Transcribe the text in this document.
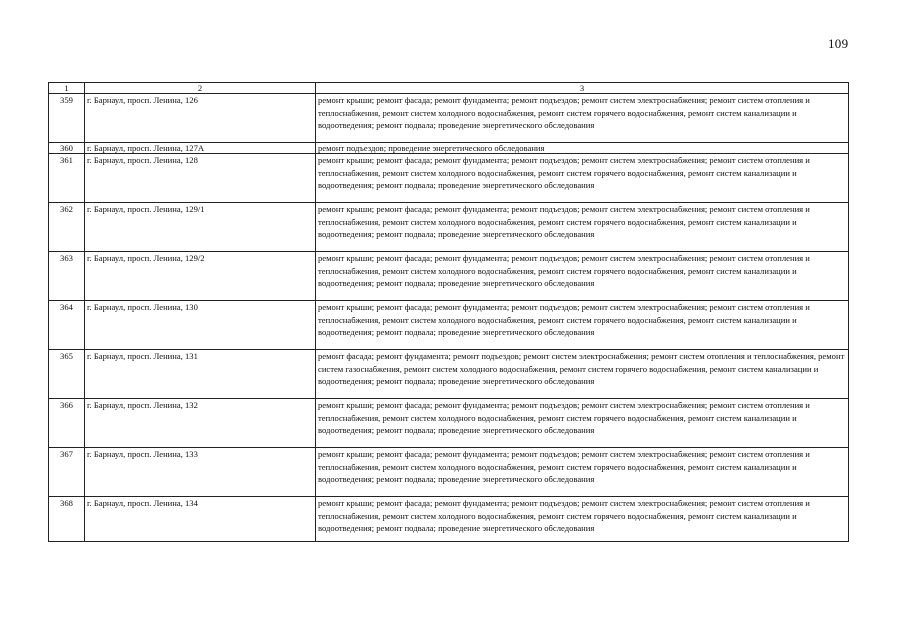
109
1	2	3
359	г. Барнаул, просп. Ленина, 126	ремонт крыши; ремонт фасада; ремонт фундамента; ремонт подъездов; ремонт систем электроснабжения; ремонт систем отопления и теплоснабжения, ремонт систем холодного водоснабжения, ремонт систем горячего водоснабжения, ремонт систем канализации и водоотведения; ремонт подвала; проведение энергетического обследования
360	г. Барнаул, просп. Ленина, 127А	ремонт подъездов; проведение энергетического обследования
361	г. Барнаул, просп. Ленина, 128	ремонт крыши; ремонт фасада; ремонт фундамента; ремонт подъездов; ремонт систем электроснабжения; ремонт систем отопления и теплоснабжения, ремонт систем холодного водоснабжения, ремонт систем горячего водоснабжения, ремонт систем канализации и водоотведения; ремонт подвала; проведение энергетического обследования
362	г. Барнаул, просп. Ленина, 129/1	ремонт крыши; ремонт фасада; ремонт фундамента; ремонт подъездов; ремонт систем электроснабжения; ремонт систем отопления и теплоснабжения, ремонт систем холодного водоснабжения, ремонт систем горячего водоснабжения, ремонт систем канализации и водоотведения; ремонт подвала; проведение энергетического обследования
363	г. Барнаул, просп. Ленина, 129/2	ремонт крыши; ремонт фасада; ремонт фундамента; ремонт подъездов; ремонт систем электроснабжения; ремонт систем отопления и теплоснабжения, ремонт систем холодного водоснабжения, ремонт систем горячего водоснабжения, ремонт систем канализации и водоотведения; ремонт подвала; проведение энергетического обследования
364	г. Барнаул, просп. Ленина, 130	ремонт крыши; ремонт фасада; ремонт фундамента; ремонт подъездов; ремонт систем электроснабжения; ремонт систем отопления и теплоснабжения, ремонт систем холодного водоснабжения, ремонт систем горячего водоснабжения, ремонт систем канализации и водоотведения; ремонт подвала; проведение энергетического обследования
365	г. Барнаул, просп. Ленина, 131	ремонт фасада; ремонт фундамента; ремонт подъездов; ремонт систем электроснабжения; ремонт систем отопления и теплоснабжения, ремонт систем газоснабжения, ремонт систем холодного водоснабжения, ремонт систем горячего водоснабжения, ремонт систем канализации и водоотведения; ремонт подвала; проведение энергетического обследования
366	г. Барнаул, просп. Ленина, 132	ремонт крыши; ремонт фасада; ремонт фундамента; ремонт подъездов; ремонт систем электроснабжения; ремонт систем отопления и теплоснабжения, ремонт систем холодного водоснабжения, ремонт систем горячего водоснабжения, ремонт систем канализации и водоотведения; ремонт подвала; проведение энергетического обследования
367	г. Барнаул, просп. Ленина, 133	ремонт крыши; ремонт фасада; ремонт фундамента; ремонт подъездов; ремонт систем электроснабжения; ремонт систем отопления и теплоснабжения, ремонт систем холодного водоснабжения, ремонт систем горячего водоснабжения, ремонт систем канализации и водоотведения; ремонт подвала; проведение энергетического обследования
368	г. Барнаул, просп. Ленина, 134	ремонт крыши; ремонт фасада; ремонт фундамента; ремонт подъездов; ремонт систем электроснабжения; ремонт систем отопления и теплоснабжения, ремонт систем холодного водоснабжения, ремонт систем горячего водоснабжения, ремонт систем канализации и водоотведения; ремонт подвала; проведение энергетического обследования
